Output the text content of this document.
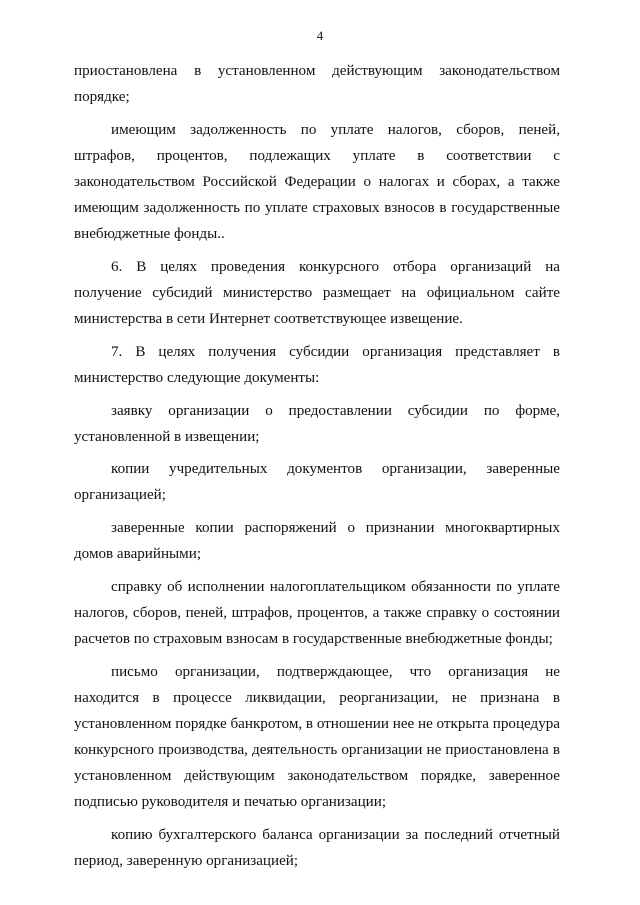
4

приостановлена в установленном действующим законодательством порядке;

имеющим задолженность по уплате налогов, сборов, пеней, штрафов, процентов, подлежащих уплате в соответствии с законодательством Российской Федерации о налогах и сборах, а также имеющим задолженность по уплате страховых взносов в государственные внебюджетные фонды..

6. В целях проведения конкурсного отбора организаций на получение субсидий министерство размещает на официальном сайте министерства в сети Интернет соответствующее извещение.

7. В целях получения субсидии организация представляет в министерство следующие документы:

заявку организации о предоставлении субсидии по форме, установленной в извещении;

копии учредительных документов организации, заверенные организацией;

заверенные копии распоряжений о признании многоквартирных домов аварийными;

справку об исполнении налогоплательщиком обязанности по уплате налогов, сборов, пеней, штрафов, процентов, а также справку о состоянии расчетов по страховым взносам в государственные внебюджетные фонды;

письмо организации, подтверждающее, что организация не находится в процессе ликвидации, реорганизации, не признана в установленном порядке банкротом, в отношении нее не открыта процедура конкурсного производства, деятельность организации не приостановлена в установленном действующим законодательством порядке, заверенное подписью руководителя и печатью организации;

копию бухгалтерского баланса организации за последний отчетный период, заверенную организацией;
